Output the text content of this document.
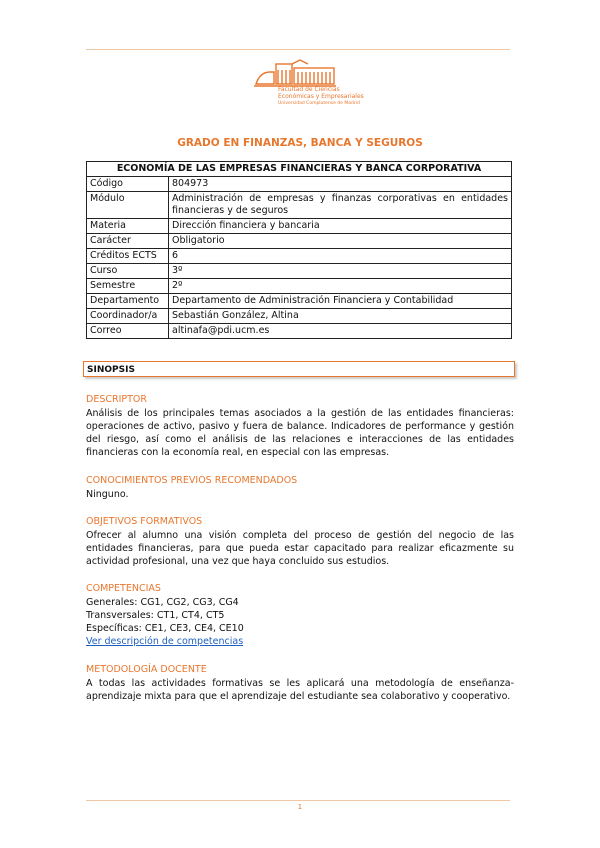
Facultad de Ciencias
Económicas y Empresariales
Universidad Complutense de Madrid
GRADO EN FINANZAS, BANCA Y SEGUROS
ECONOMÍA DE LAS EMPRESAS FINANCIERAS Y BANCA CORPORATIVA	
Código	804973
Módulo	Administración de empresas y finanzas corporativas en entidades financieras y de seguros
Materia	Dirección financiera y bancaria
Carácter	Obligatorio
Créditos ECTS	6
Curso	3º
Semestre	2º
Departamento	Departamento de Administración Financiera y Contabilidad
Coordinador/a	Sebastián González, Altina
Correo	altinafa@pdi.ucm.es
SINOPSIS
DESCRIPTOR
Análisis de los principales temas asociados a la gestión de las entidades financieras: operaciones de activo, pasivo y fuera de balance. Indicadores de performance y gestión del riesgo, así como el análisis de las relaciones e interacciones de las entidades financieras con la economía real, en especial con las empresas.
CONOCIMIENTOS PREVIOS RECOMENDADOS
Ninguno.
OBJETIVOS FORMATIVOS
Ofrecer al alumno una visión completa del proceso de gestión del negocio de las entidades financieras, para que pueda estar capacitado para realizar eficazmente su actividad profesional, una vez que haya concluido sus estudios.
COMPETENCIAS
Generales: CG1, CG2, CG3, CG4
Transversales: CT1, CT4, CT5
Específicas: CE1, CE3, CE4, CE10
Ver descripción de competencias
METODOLOGÍA DOCENTE
A todas las actividades formativas se les aplicará una metodología de enseñanza-aprendizaje mixta para que el aprendizaje del estudiante sea colaborativo y cooperativo.
1
